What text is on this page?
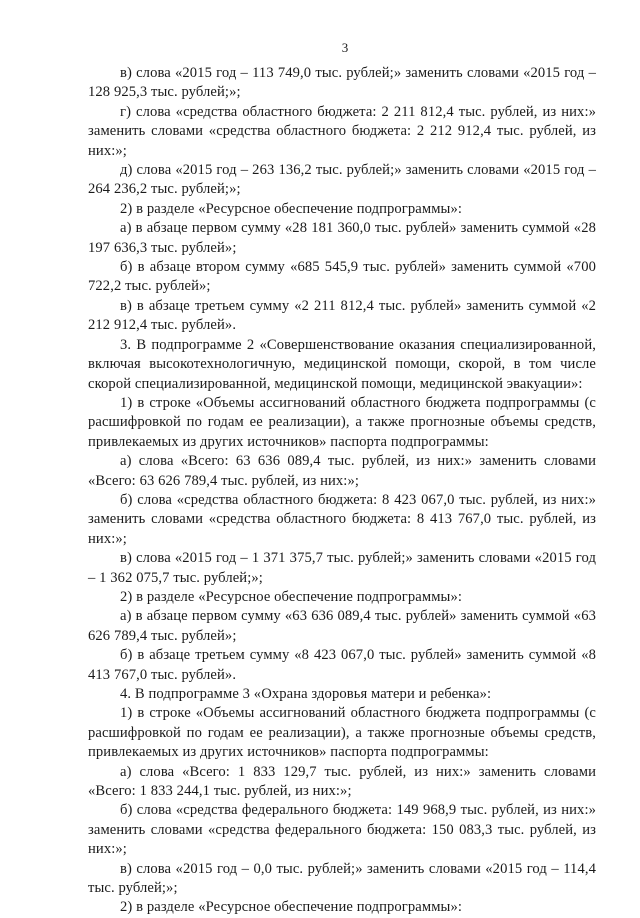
3

в) слова «2015 год – 113 749,0 тыс. рублей;» заменить словами «2015 год – 128 925,3 тыс. рублей;»;

г) слова «средства областного бюджета: 2 211 812,4 тыс. рублей, из них:» заменить словами «средства областного бюджета: 2 212 912,4 тыс. рублей, из них:»;

д) слова «2015 год – 263 136,2 тыс. рублей;» заменить словами «2015 год – 264 236,2 тыс. рублей;»;

2) в разделе «Ресурсное обеспечение подпрограммы»:

а) в абзаце первом сумму «28 181 360,0 тыс. рублей» заменить суммой «28 197 636,3 тыс. рублей»;

б) в абзаце втором сумму «685 545,9 тыс. рублей» заменить суммой «700 722,2 тыс. рублей»;

в) в абзаце третьем сумму «2 211 812,4 тыс. рублей» заменить суммой «2 212 912,4 тыс. рублей».

3. В подпрограмме 2 «Совершенствование оказания специализированной, включая высокотехнологичную, медицинской помощи, скорой, в том числе скорой специализированной, медицинской помощи, медицинской эвакуации»:

1) в строке «Объемы ассигнований областного бюджета подпрограммы (с расшифровкой по годам ее реализации), а также прогнозные объемы средств, привлекаемых из других источников» паспорта подпрограммы:

а) слова «Всего: 63 636 089,4 тыс. рублей, из них:» заменить словами «Всего: 63 626 789,4 тыс. рублей, из них:»;

б) слова «средства областного бюджета: 8 423 067,0 тыс. рублей, из них:» заменить словами «средства областного бюджета: 8 413 767,0 тыс. рублей, из них:»;

в) слова «2015 год – 1 371 375,7 тыс. рублей;» заменить словами «2015 год – 1 362 075,7 тыс. рублей;»;

2) в разделе «Ресурсное обеспечение подпрограммы»:

а) в абзаце первом сумму «63 636 089,4 тыс. рублей» заменить суммой «63 626 789,4 тыс. рублей»;

б) в абзаце третьем сумму «8 423 067,0 тыс. рублей» заменить суммой «8 413 767,0 тыс. рублей».

4. В подпрограмме 3 «Охрана здоровья матери и ребенка»:

1) в строке «Объемы ассигнований областного бюджета подпрограммы (с расшифровкой по годам ее реализации), а также прогнозные объемы средств, привлекаемых из других источников» паспорта подпрограммы:

а) слова «Всего: 1 833 129,7 тыс. рублей, из них:» заменить словами «Всего: 1 833 244,1 тыс. рублей, из них:»;

б) слова «средства федерального бюджета: 149 968,9 тыс. рублей, из них:» заменить словами «средства федерального бюджета: 150 083,3 тыс. рублей, из них:»;

в) слова «2015 год – 0,0 тыс. рублей;» заменить словами «2015 год – 114,4 тыс. рублей;»;

2) в разделе «Ресурсное обеспечение подпрограммы»:
